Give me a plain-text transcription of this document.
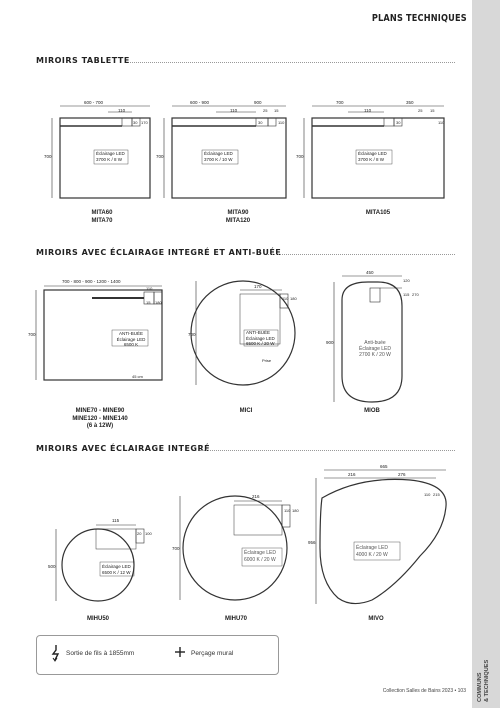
COMMUNS & TECHNIQUES
PLANS TECHNIQUES
MIROIRS TABLETTE
600 - 700
110
30 170
700
Éclairage LED
3700 K / 8 W
MITA60
MITA70
600 - 900	900
110	25 15
110
30
700
Éclairage LED
3700 K / 10 W
MITA90
MITA120
700	350
110	25 15
30	110
700
Éclairage LED
3700 K / 8 W
MITA105
MIROIRS AVEC ÉCLAIRAGE INTEGRÉ ET ANTI-BUÉE
700 - 800 - 900 - 1200 - 1400
110
15 180
700	ANTI-BUÉE
Éclairage LED
6500 K
45 cm
MINE70 - MINE90
MINE120 - MINE140
(6 à 12W)
170
110 180
700	ANTI-BUÉE
Éclairage LED
6500 K / 20 W
Prise
MICI
450
120
115 270
900	Anti-buée
Éclairage LED
2700 K / 20 W
MIOB
MIROIRS AVEC ÉCLAIRAGE INTEGRÉ
115
20 100
500	Éclairage LED
6500 K / 12 W
MIHU50
216
110 180
700
Éclairage LED
6000 K / 20 W
MIHU70
665
216	276
110 215
956
Éclairage LED
4000 K / 20 W
MIVO
Sortie de fils à 1855mm	Perçage mural
Collection Salles de Bains 2023 • 103
